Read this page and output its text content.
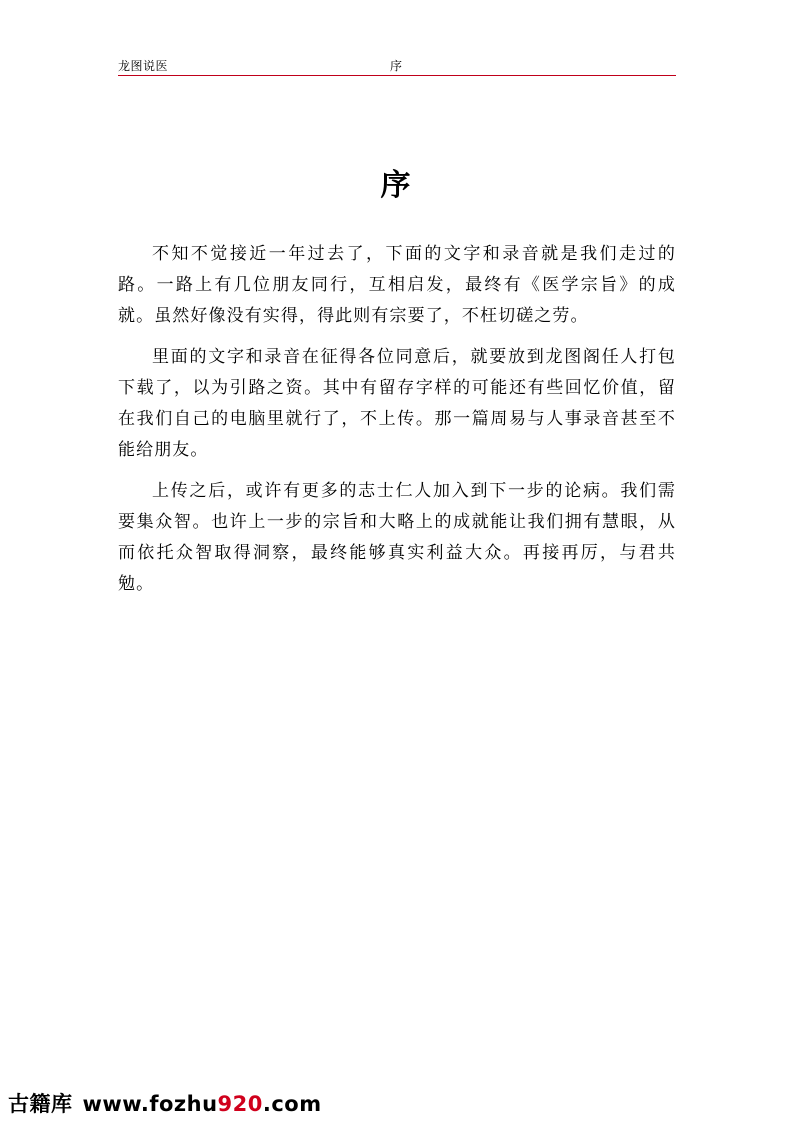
龙图说医	序
序

不知不觉接近一年过去了，下面的文字和录音就是我们走过的路。一路上有几位朋友同行，互相启发，最终有《医学宗旨》的成就。虽然好像没有实得，得此则有宗要了，不枉切磋之劳。

里面的文字和录音在征得各位同意后，就要放到龙图阁任人打包下载了，以为引路之资。其中有留存字样的可能还有些回忆价值，留在我们自己的电脑里就行了，不上传。那一篇周易与人事录音甚至不能给朋友。

上传之后，或许有更多的志士仁人加入到下一步的论病。我们需要集众智。也许上一步的宗旨和大略上的成就能让我们拥有慧眼，从而依托众智取得洞察，最终能够真实利益大众。再接再厉，与君共勉。

古籍库 www.fozhu920.com
